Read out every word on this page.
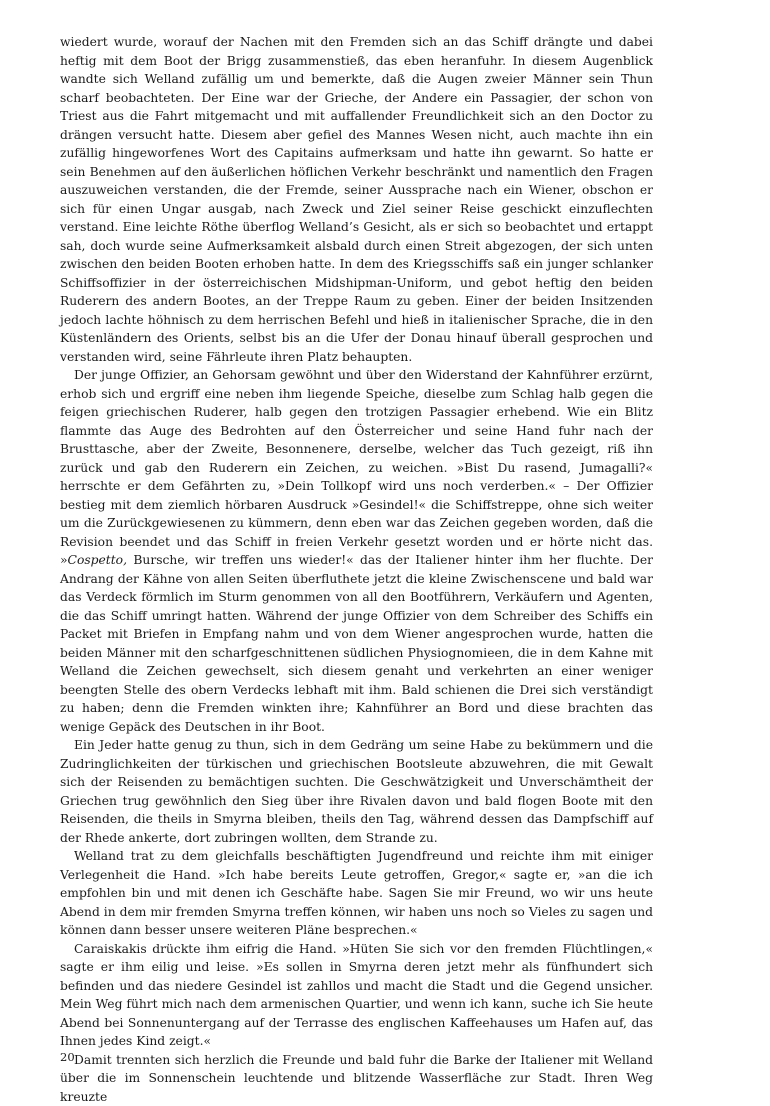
wiedert wurde, worauf der Nachen mit den Fremden sich an das Schiff drängte und dabei heftig mit dem Boot der Brigg zusammenstieß, das eben heranfuhr. In diesem Augenblick wandte sich Welland zufällig um und bemerkte, daß die Augen zweier Männer sein Thun scharf beobachteten. Der Eine war der Grieche, der Andere ein Passagier, der schon von Triest aus die Fahrt mitgemacht und mit auffallender Freundlichkeit sich an den Doctor zu drängen versucht hatte. Diesem aber gefiel des Mannes Wesen nicht, auch machte ihn ein zufällig hingeworfenes Wort des Capitains aufmerksam und hatte ihn gewarnt. So hatte er sein Benehmen auf den äußerlichen höflichen Verkehr beschränkt und namentlich den Fragen auszuweichen verstanden, die der Fremde, seiner Aussprache nach ein Wiener, obschon er sich für einen Ungar ausgab, nach Zweck und Ziel seiner Reise geschickt einzuflechten verstand. Eine leichte Röthe überflog Welland’s Gesicht, als er sich so beobachtet und ertappt sah, doch wurde seine Aufmerksamkeit alsbald durch einen Streit abgezogen, der sich unten zwischen den beiden Booten erhoben hatte. In dem des Kriegsschiffs saß ein junger schlanker Schiffsoffizier in der österreichischen Midshipman-Uniform, und gebot heftig den beiden Ruderern des andern Bootes, an der Treppe Raum zu geben. Einer der beiden Insitzenden jedoch lachte höhnisch zu dem herrischen Befehl und hieß in italienischer Sprache, die in den Küstenländern des Orients, selbst bis an die Ufer der Donau hinauf überall gesprochen und verstanden wird, seine Fährleute ihren Platz behaupten.

Der junge Offizier, an Gehorsam gewöhnt und über den Widerstand der Kahnführer erzürnt, erhob sich und ergriff eine neben ihm liegende Speiche, dieselbe zum Schlag halb gegen die feigen griechischen Ruderer, halb gegen den trotzigen Passagier erhebend. Wie ein Blitz flammte das Auge des Bedrohten auf den Österreicher und seine Hand fuhr nach der Brusttasche, aber der Zweite, Besonnenere, derselbe, welcher das Tuch gezeigt, riß ihn zurück und gab den Ruderern ein Zeichen, zu weichen. »Bist Du rasend, Jumagalli?« herrschte er dem Gefährten zu, »Dein Tollkopf wird uns noch verderben.« – Der Offizier bestieg mit dem ziemlich hörbaren Ausdruck »Gesindel!« die Schiffstreppe, ohne sich weiter um die Zurückgewiesenen zu kümmern, denn eben war das Zeichen gegeben worden, daß die Revision beendet und das Schiff in freien Verkehr gesetzt worden und er hörte nicht das. »Cospetto, Bursche, wir treffen uns wieder!« das der Italiener hinter ihm her fluchte. Der Andrang der Kähne von allen Seiten überfluthete jetzt die kleine Zwischenscene und bald war das Verdeck förmlich im Sturm genommen von all den Bootführern, Verkäufern und Agenten, die das Schiff umringt hatten. Während der junge Offizier von dem Schreiber des Schiffs ein Packet mit Briefen in Empfang nahm und von dem Wiener angesprochen wurde, hatten die beiden Männer mit den scharfgeschnittenen südlichen Physiognomieen, die in dem Kahne mit Welland die Zeichen gewechselt, sich diesem genaht und verkehrten an einer weniger beengten Stelle des obern Verdecks lebhaft mit ihm. Bald schienen die Drei sich verständigt zu haben; denn die Fremden winkten ihre; Kahnführer an Bord und diese brachten das wenige Gepäck des Deutschen in ihr Boot.

Ein Jeder hatte genug zu thun, sich in dem Gedräng um seine Habe zu bekümmern und die Zudringlichkeiten der türkischen und griechischen Bootsleute abzuwehren, die mit Gewalt sich der Reisenden zu bemächtigen suchten. Die Geschwätzigkeit und Unverschämtheit der Griechen trug gewöhnlich den Sieg über ihre Rivalen davon und bald flogen Boote mit den Reisenden, die theils in Smyrna bleiben, theils den Tag, während dessen das Dampfschiff auf der Rhede ankerte, dort zubringen wollten, dem Strande zu.

Welland trat zu dem gleichfalls beschäftigten Jugendfreund und reichte ihm mit einiger Verlegenheit die Hand. »Ich habe bereits Leute getroffen, Gregor,« sagte er, »an die ich empfohlen bin und mit denen ich Geschäfte habe. Sagen Sie mir Freund, wo wir uns heute Abend in dem mir fremden Smyrna treffen können, wir haben uns noch so Vieles zu sagen und können dann besser unsere weiteren Pläne besprechen.«

Caraiskakis drückte ihm eifrig die Hand. »Hüten Sie sich vor den fremden Flüchtlingen,« sagte er ihm eilig und leise. »Es sollen in Smyrna deren jetzt mehr als fünfhundert sich befinden und das niedere Gesindel ist zahllos und macht die Stadt und die Gegend unsicher. Mein Weg führt mich nach dem armenischen Quartier, und wenn ich kann, suche ich Sie heute Abend bei Sonnenuntergang auf der Terrasse des englischen Kaffeehauses um Hafen auf, das Ihnen jedes Kind zeigt.«

Damit trennten sich herzlich die Freunde und bald fuhr die Barke der Italiener mit Welland über die im Sonnenschein leuchtende und blitzende Wasserfläche zur Stadt. Ihren Weg kreuzte

20
